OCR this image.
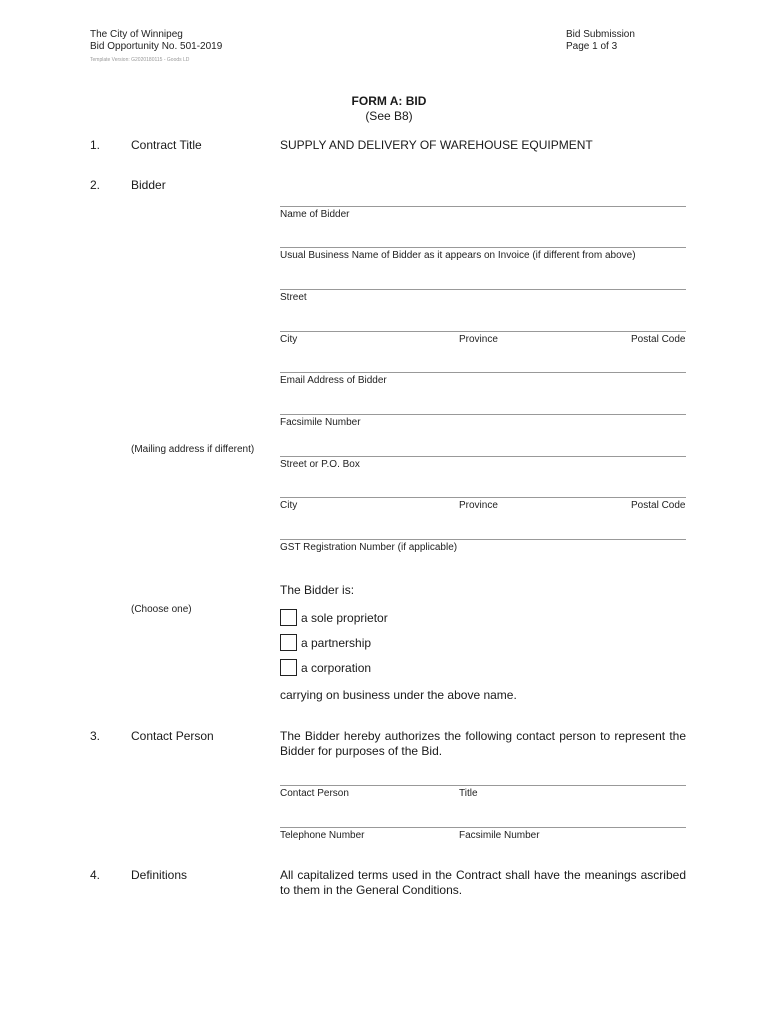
The City of Winnipeg
Bid Opportunity No. 501-2019
Template Version: G2020180115 - Goods LD
Bid Submission
Page 1 of 3
FORM A: BID
(See B8)
1.	Contract Title	SUPPLY AND DELIVERY OF WAREHOUSE EQUIPMENT
2.	Bidder
Name of Bidder
Usual Business Name of Bidder as it appears on Invoice (if different from above)
Street
City	Province	Postal Code
Email Address of Bidder
Facsimile Number
(Mailing address if different)
Street or P.O. Box
City	Province	Postal Code
GST Registration Number (if applicable)
The Bidder is:
(Choose one)
a sole proprietor
a partnership
a corporation
carrying on business under the above name.
3.	Contact Person	The Bidder hereby authorizes the following contact person to represent the Bidder for purposes of the Bid.
Contact Person	Title
Telephone Number	Facsimile Number
4.	Definitions	All capitalized terms used in the Contract shall have the meanings ascribed to them in the General Conditions.
